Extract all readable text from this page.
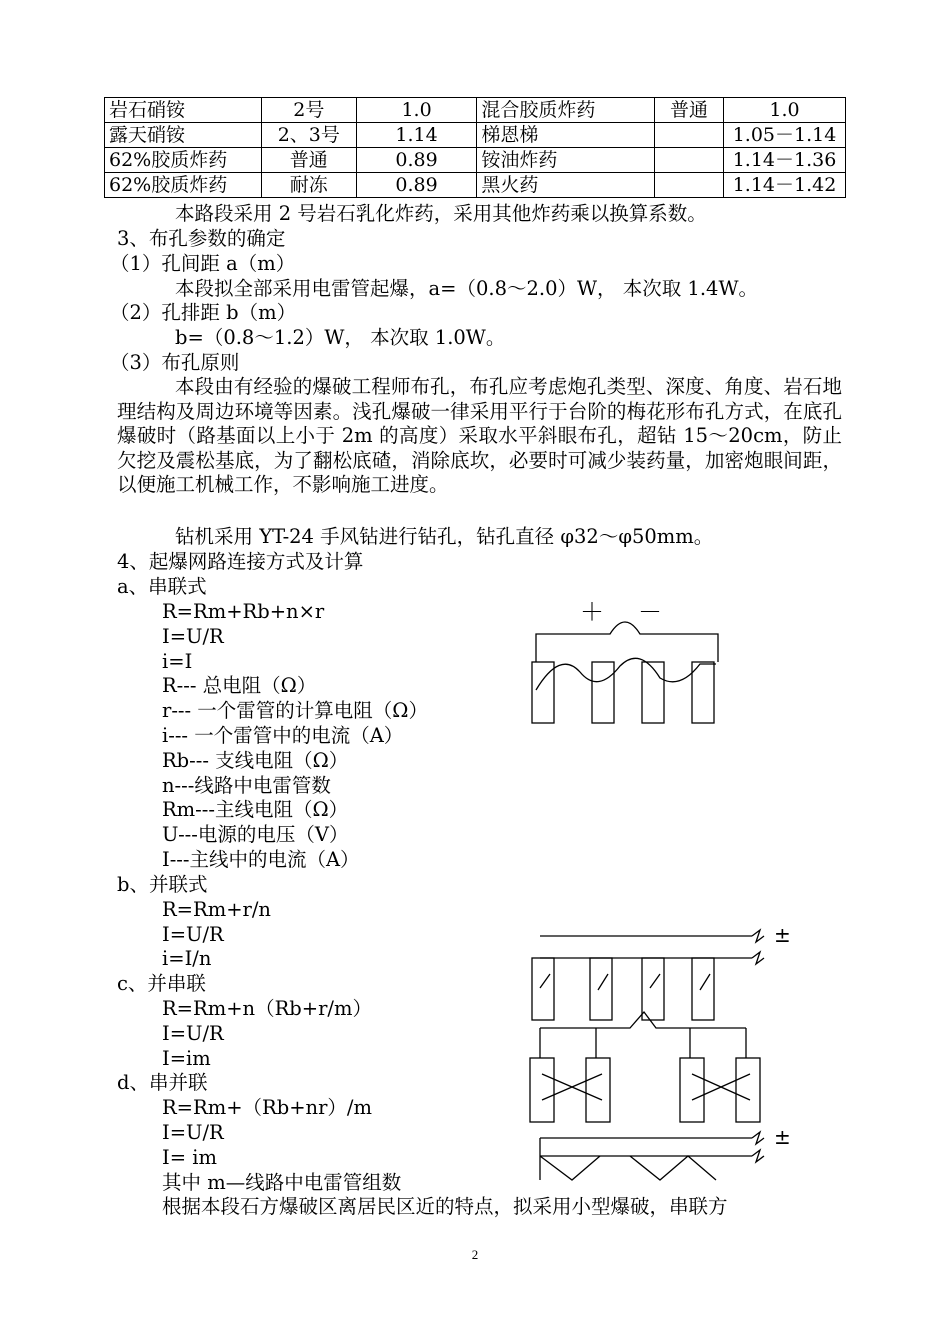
岩石硝铵	2号	1.0	混合胶质炸药	普通	1.0
露天硝铵	2、3号	1.14	梯恩梯		1.05－1.14
62%胶质炸药	普通	0.89	铵油炸药		1.14－1.36
62%胶质炸药	耐冻	0.89	黑火药		1.14－1.42
本路段采用 2 号岩石乳化炸药，采用其他炸药乘以换算系数。
3、布孔参数的确定
（1）孔间距 a（m）
本段拟全部采用电雷管起爆，a=（0.8～2.0）W， 本次取 1.4W。
（2）孔排距 b（m）
b=（0.8～1.2）W， 本次取 1.0W。
（3）布孔原则
本段由有经验的爆破工程师布孔，布孔应考虑炮孔类型、深度、角度、岩石地理结构及周边环境等因素。浅孔爆破一律采用平行于台阶的梅花形布孔方式，在底孔爆破时（路基面以上小于 2m 的高度）采取水平斜眼布孔，超钻 15～20cm，防止欠挖及震松基底，为了翻松底碴，消除底坎，必要时可减少装药量，加密炮眼间距，以便施工机械工作，不影响施工进度。
钻机采用 YT-24 手风钻进行钻孔，钻孔直径 φ32～φ50mm。
4、起爆网路连接方式及计算
a、串联式
R=Rm+Rb+n×r
I=U/R
i=I
R--- 总电阻（Ω）
r--- 一个雷管的计算电阻（Ω）
i--- 一个雷管中的电流（A）
Rb--- 支线电阻（Ω）
n---线路中电雷管数
Rm---主线电阻（Ω）
U---电源的电压（V）
I---主线中的电流（A）
b、并联式
R=Rm+r/n
I=U/R
i=I/n
c、并串联
R=Rm+n（Rb+r/m）
I=U/R
I=im
d、串并联
R=Rm+（Rb+nr）/m
I=U/R
I= im
其中 m—线路中电雷管组数
根据本段石方爆破区离居民区近的特点，拟采用小型爆破，串联方
＋ －
±
±
2
